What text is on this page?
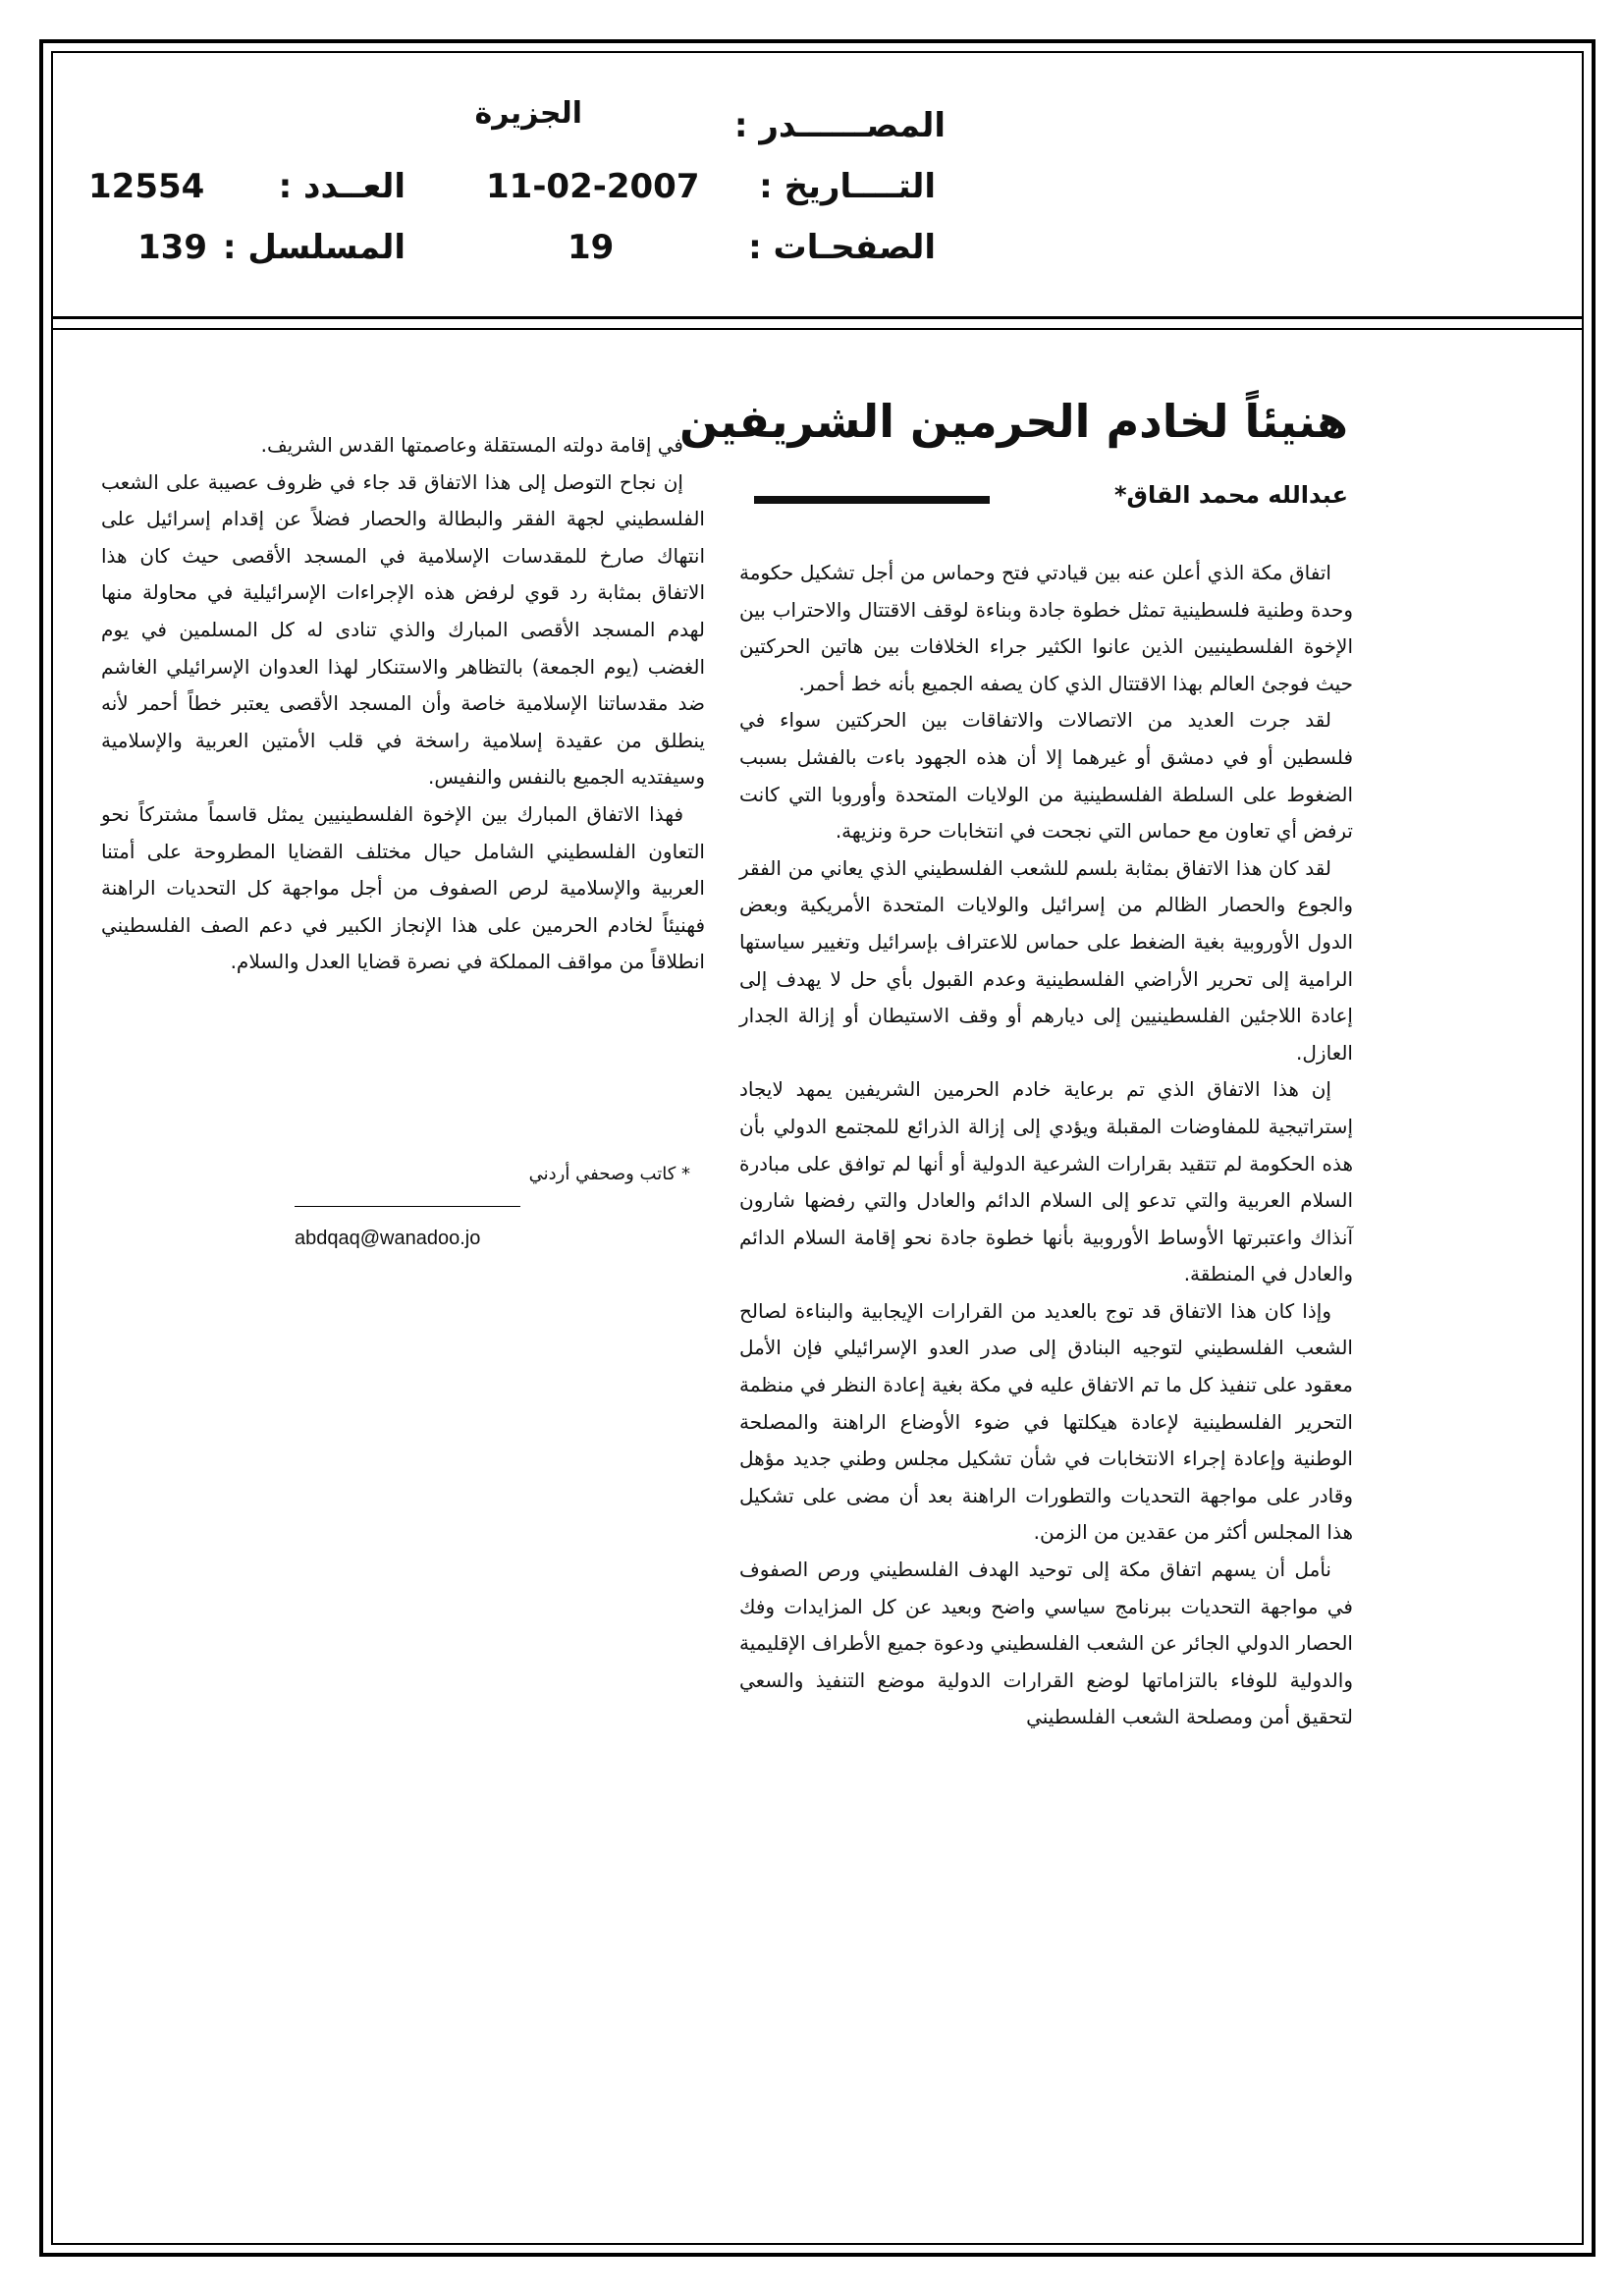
المصــــــدر :
الجزيرة
التــــاريخ :
11-02-2007
العــدد :
12554
الصفحـات :
19
المسلسل :
139
هنيئاً لخادم الحرمين الشريفين
عبدالله محمد القاق*

اتفاق مكة الذي أعلن عنه بين قيادتي فتح وحماس من أجل تشكيل حكومة وحدة وطنية فلسطينية تمثل خطوة جادة وبناءة لوقف الاقتتال والاحتراب بين الإخوة الفلسطينيين الذين عانوا الكثير جراء الخلافات بين هاتين الحركتين حيث فوجئ العالم بهذا الاقتتال الذي كان يصفه الجميع بأنه خط أحمر.

لقد جرت العديد من الاتصالات والاتفاقات بين الحركتين سواء في فلسطين أو في دمشق أو غيرهما إلا أن هذه الجهود باءت بالفشل بسبب الضغوط على السلطة الفلسطينية من الولايات المتحدة وأوروبا التي كانت ترفض أي تعاون مع حماس التي نجحت في انتخابات حرة ونزيهة.

لقد كان هذا الاتفاق بمثابة بلسم للشعب الفلسطيني الذي يعاني من الفقر والجوع والحصار الظالم من إسرائيل والولايات المتحدة الأمريكية وبعض الدول الأوروبية بغية الضغط على حماس للاعتراف بإسرائيل وتغيير سياستها الرامية إلى تحرير الأراضي الفلسطينية وعدم القبول بأي حل لا يهدف إلى إعادة اللاجئين الفلسطينيين إلى ديارهم أو وقف الاستيطان أو إزالة الجدار العازل.

إن هذا الاتفاق الذي تم برعاية خادم الحرمين الشريفين يمهد لايجاد إستراتيجية للمفاوضات المقبلة ويؤدي إلى إزالة الذرائع للمجتمع الدولي بأن هذه الحكومة لم تتقيد بقرارات الشرعية الدولية أو أنها لم توافق على مبادرة السلام العربية والتي تدعو إلى السلام الدائم والعادل والتي رفضها شارون آنذاك واعتبرتها الأوساط الأوروبية بأنها خطوة جادة نحو إقامة السلام الدائم والعادل في المنطقة.

وإذا كان هذا الاتفاق قد توج بالعديد من القرارات الإيجابية والبناءة لصالح الشعب الفلسطيني لتوجيه البنادق إلى صدر العدو الإسرائيلي فإن الأمل معقود على تنفيذ كل ما تم الاتفاق عليه في مكة بغية إعادة النظر في منظمة التحرير الفلسطينية لإعادة هيكلتها في ضوء الأوضاع الراهنة والمصلحة الوطنية وإعادة إجراء الانتخابات في شأن تشكيل مجلس وطني جديد مؤهل وقادر على مواجهة التحديات والتطورات الراهنة بعد أن مضى على تشكيل هذا المجلس أكثر من عقدين من الزمن.

نأمل أن يسهم اتفاق مكة إلى توحيد الهدف الفلسطيني ورص الصفوف في مواجهة التحديات ببرنامج سياسي واضح وبعيد عن كل المزايدات وفك الحصار الدولي الجائر عن الشعب الفلسطيني ودعوة جميع الأطراف الإقليمية والدولية للوفاء بالتزاماتها لوضع القرارات الدولية موضع التنفيذ والسعي لتحقيق أمن ومصلحة الشعب الفلسطيني

في إقامة دولته المستقلة وعاصمتها القدس الشريف.

إن نجاح التوصل إلى هذا الاتفاق قد جاء في ظروف عصيبة على الشعب الفلسطيني لجهة الفقر والبطالة والحصار فضلاً عن إقدام إسرائيل على انتهاك صارخ للمقدسات الإسلامية في المسجد الأقصى حيث كان هذا الاتفاق بمثابة رد قوي لرفض هذه الإجراءات الإسرائيلية في محاولة منها لهدم المسجد الأقصى المبارك والذي تنادى له كل المسلمين في يوم الغضب (يوم الجمعة) بالتظاهر والاستنكار لهذا العدوان الإسرائيلي الغاشم ضد مقدساتنا الإسلامية خاصة وأن المسجد الأقصى يعتبر خطاً أحمر لأنه ينطلق من عقيدة إسلامية راسخة في قلب الأمتين العربية والإسلامية وسيفتديه الجميع بالنفس والنفيس.

فهذا الاتفاق المبارك بين الإخوة الفلسطينيين يمثل قاسماً مشتركاً نحو التعاون الفلسطيني الشامل حيال مختلف القضايا المطروحة على أمتنا العربية والإسلامية لرص الصفوف من أجل مواجهة كل التحديات الراهنة فهنيئاً لخادم الحرمين على هذا الإنجاز الكبير في دعم الصف الفلسطيني انطلاقاً من مواقف المملكة في نصرة قضايا العدل والسلام.

* كاتب وصحفي أردني
abdqaq@wanadoo.jo
